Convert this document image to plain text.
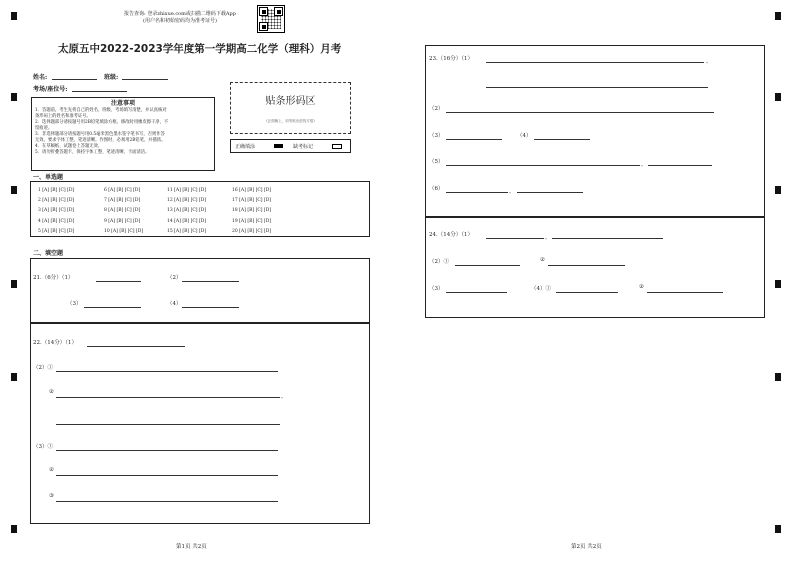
报告查询: 登录zhixue.com或扫描二维码下载App
(用户名和初始密码均为准考证号)
太原五中2022-2023学年度第一学期高二化学（理科）月考
姓名:	班级:
考场/座位号:
注意事项
1．答题前，考生先将自己的姓名、班级、考场填写清楚，并认真核对
条形码上的姓名和准考证号。
2．选择题部分请按题号用2B铅笔填涂方框，修改时用橡皮擦干净，不
留痕迹。
3．非选择题部分请按题号用0.5毫米黑色墨水签字笔书写，否则作答
无效。要求字体工整、笔迹清晰。作图时，必须用2B铅笔，并描浓。
4．在草稿纸、试题卷上答题无效。
5．请勿折叠答题卡，保持字体工整、笔迹清晰、卡面清洁。
贴条形码区
(正面朝上，切勿贴出虚线方框)
正确填涂	缺考标记
一、单选题
1 [A] [B] [C] [D]
2 [A] [B] [C] [D]
3 [A] [B] [C] [D]
4 [A] [B] [C] [D]
5 [A] [B] [C] [D]
6 [A] [B] [C] [D]
7 [A] [B] [C] [D]
8 [A] [B] [C] [D]
9 [A] [B] [C] [D]
10 [A] [B] [C] [D]
11 [A] [B] [C] [D]
12 [A] [B] [C] [D]
13 [A] [B] [C] [D]
14 [A] [B] [C] [D]
15 [A] [B] [C] [D]
16 [A] [B] [C] [D]
17 [A] [B] [C] [D]
18 [A] [B] [C] [D]
19 [A] [B] [C] [D]
20 [A] [B] [C] [D]
二、填空题
21.（6分）（1）	（2）
（3）	（4）
22.（14分）（1）
（2）①
②
、
（3）①
②
③
第1页 共2页
23.（16分）（1）	、
（2）
（3）	（4）
（5）	、
（6）	、
24.（14分）（1）	、
（2）①	②
（3）	（4）①	②
第2页 共2页
